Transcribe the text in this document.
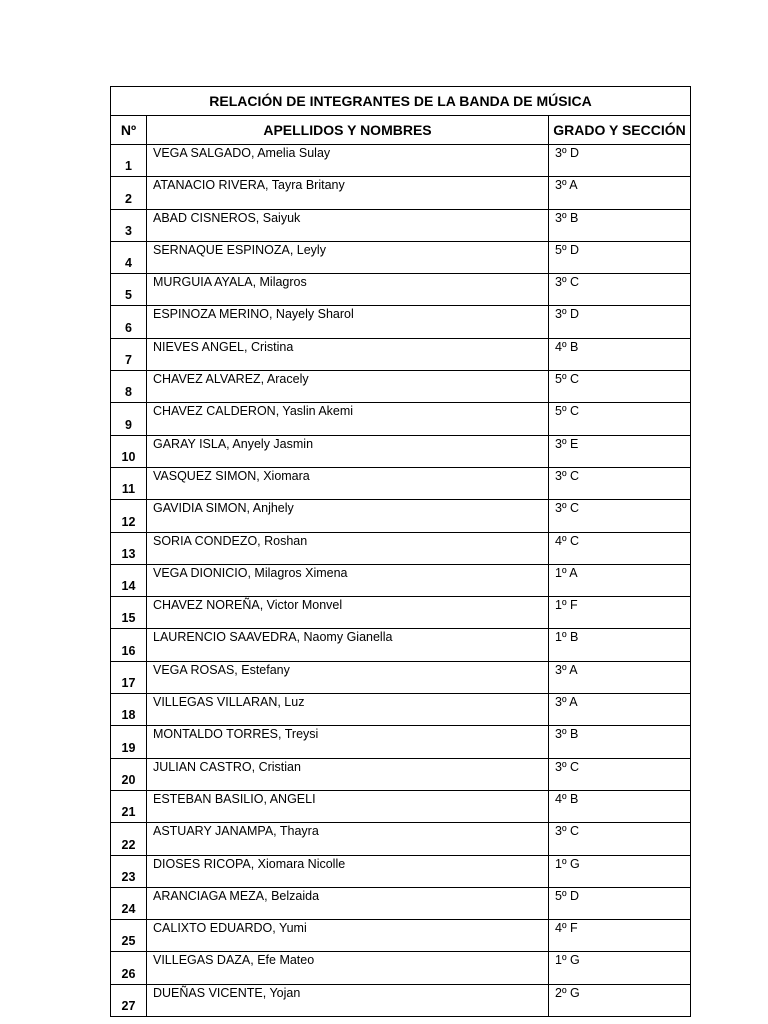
RELACIÓN DE INTEGRANTES DE LA BANDA DE MÚSICA		
Nº	APELLIDOS Y NOMBRES	GRADO Y SECCIÓN
1	VEGA SALGADO, Amelia Sulay	3º D
2	ATANACIO RIVERA, Tayra Britany	3º A
3	ABAD CISNEROS, Saiyuk	3º B
4	SERNAQUE ESPINOZA, Leyly	5º D
5	MURGUIA AYALA, Milagros	3º C
6	ESPINOZA MERINO, Nayely Sharol	3º D
7	NIEVES ANGEL, Cristina	4º B
8	CHAVEZ ALVAREZ, Aracely	5º C
9	CHAVEZ CALDERON, Yaslin Akemi	5º C
10	GARAY ISLA, Anyely Jasmin	3º E
11	VASQUEZ SIMON, Xiomara	3º C
12	GAVIDIA SIMON, Anjhely	3º C
13	SORIA CONDEZO, Roshan	4º C
14	VEGA DIONICIO, Milagros Ximena	1º A
15	CHAVEZ NOREÑA, Victor Monvel	1º F
16	LAURENCIO SAAVEDRA, Naomy Gianella	1º B
17	VEGA ROSAS, Estefany	3º A
18	VILLEGAS VILLARAN, Luz	3º A
19	MONTALDO TORRES, Treysi	3º B
20	JULIAN CASTRO, Cristian	3º C
21	ESTEBAN BASILIO, ANGELI	4º B
22	ASTUARY JANAMPA, Thayra	3º C
23	DIOSES RICOPA, Xiomara Nicolle	1º G
24	ARANCIAGA MEZA, Belzaida	5º D
25	CALIXTO EDUARDO, Yumi	4º F
26	VILLEGAS DAZA, Efe Mateo	1º G
27	DUEÑAS VICENTE, Yojan	2º G
